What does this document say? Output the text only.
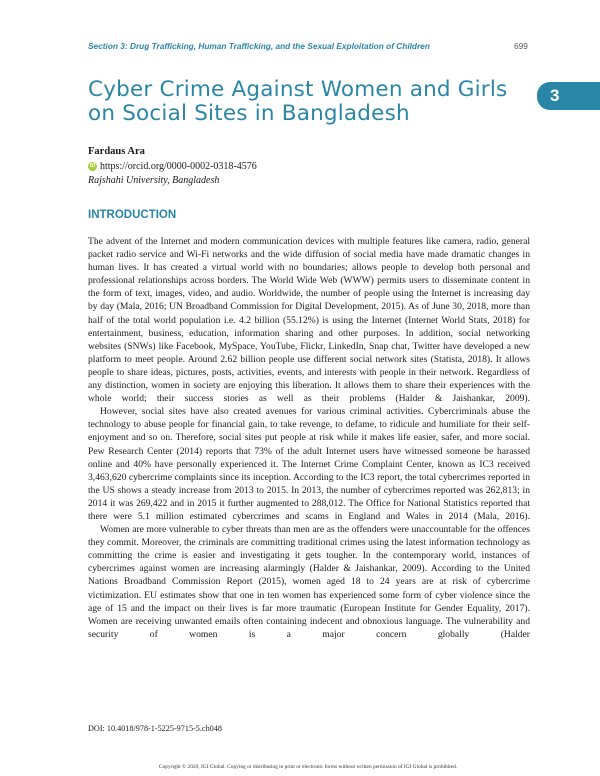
Section 3: Drug Trafficking, Human Trafficking, and the Sexual Exploitation of Children	699
Cyber Crime Against Women and Girls on Social Sites in Bangladesh
3
Fardaus Ara
iD https://orcid.org/0000-0002-0318-4576
Rajshahi University, Bangladesh
INTRODUCTION

The advent of the Internet and modern communication devices with multiple features like camera, radio, general packet radio service and Wi-Fi networks and the wide diffusion of social media have made dramatic changes in human lives. It has created a virtual world with no boundaries; allows people to develop both personal and professional relationships across borders. The World Wide Web (WWW) permits users to disseminate content in the form of text, images, video, and audio. Worldwide, the number of people using the Internet is increasing day by day (Mala, 2016; UN Broadband Commission for Digital Development, 2015). As of June 30, 2018, more than half of the total world population i.e. 4.2 billion (55.12%) is using the Internet (Internet World Stats, 2018) for entertainment, business, education, information sharing and other purposes. In addition, social networking websites (SNWs) like Facebook, MySpace, YouTube, Flickr, LinkedIn, Snap chat, Twitter have developed a new platform to meet people. Around 2.62 billion people use different social network sites (Statista, 2018). It allows people to share ideas, pictures, posts, activities, events, and interests with people in their network. Regardless of any distinction, women in society are enjoying this liberation. It allows them to share their experiences with the whole world; their success stories as well as their problems (Halder & Jaishankar, 2009).

However, social sites have also created avenues for various criminal activities. Cybercriminals abuse the technology to abuse people for financial gain, to take revenge, to defame, to ridicule and humiliate for their self-enjoyment and so on. Therefore, social sites put people at risk while it makes life easier, safer, and more social. Pew Research Center (2014) reports that 73% of the adult Internet users have witnessed someone be harassed online and 40% have personally experienced it. The Internet Crime Complaint Center, known as IC3 received 3,463,620 cybercrime complaints since its inception. According to the IC3 report, the total cybercrimes reported in the US shows a steady increase from 2013 to 2015. In 2013, the number of cybercrimes reported was 262,813; in 2014 it was 269,422 and in 2015 it further augmented to 288,012. The Office for National Statistics reported that there were 5.1 million estimated cybercrimes and scams in England and Wales in 2014 (Mala, 2016).

Women are more vulnerable to cyber threats than men are as the offenders were unaccountable for the offences they commit. Moreover, the criminals are committing traditional crimes using the latest information technology as committing the crime is easier and investigating it gets tougher. In the contemporary world, instances of cybercrimes against women are increasing alarmingly (Halder & Jaishankar, 2009). According to the United Nations Broadband Commission Report (2015), women aged 18 to 24 years are at risk of cybercrime victimization. EU estimates show that one in ten women has experienced some form of cyber violence since the age of 15 and the impact on their lives is far more traumatic (European Institute for Gender Equality, 2017). Women are receiving unwanted emails often containing indecent and obnoxious language. The vulnerability and security of women is a major concern globally (Halder

DOI: 10.4018/978-1-5225-9715-5.ch048
Copyright © 2020, IGI Global. Copying or distributing in print or electronic forms without written permission of IGI Global is prohibited.
